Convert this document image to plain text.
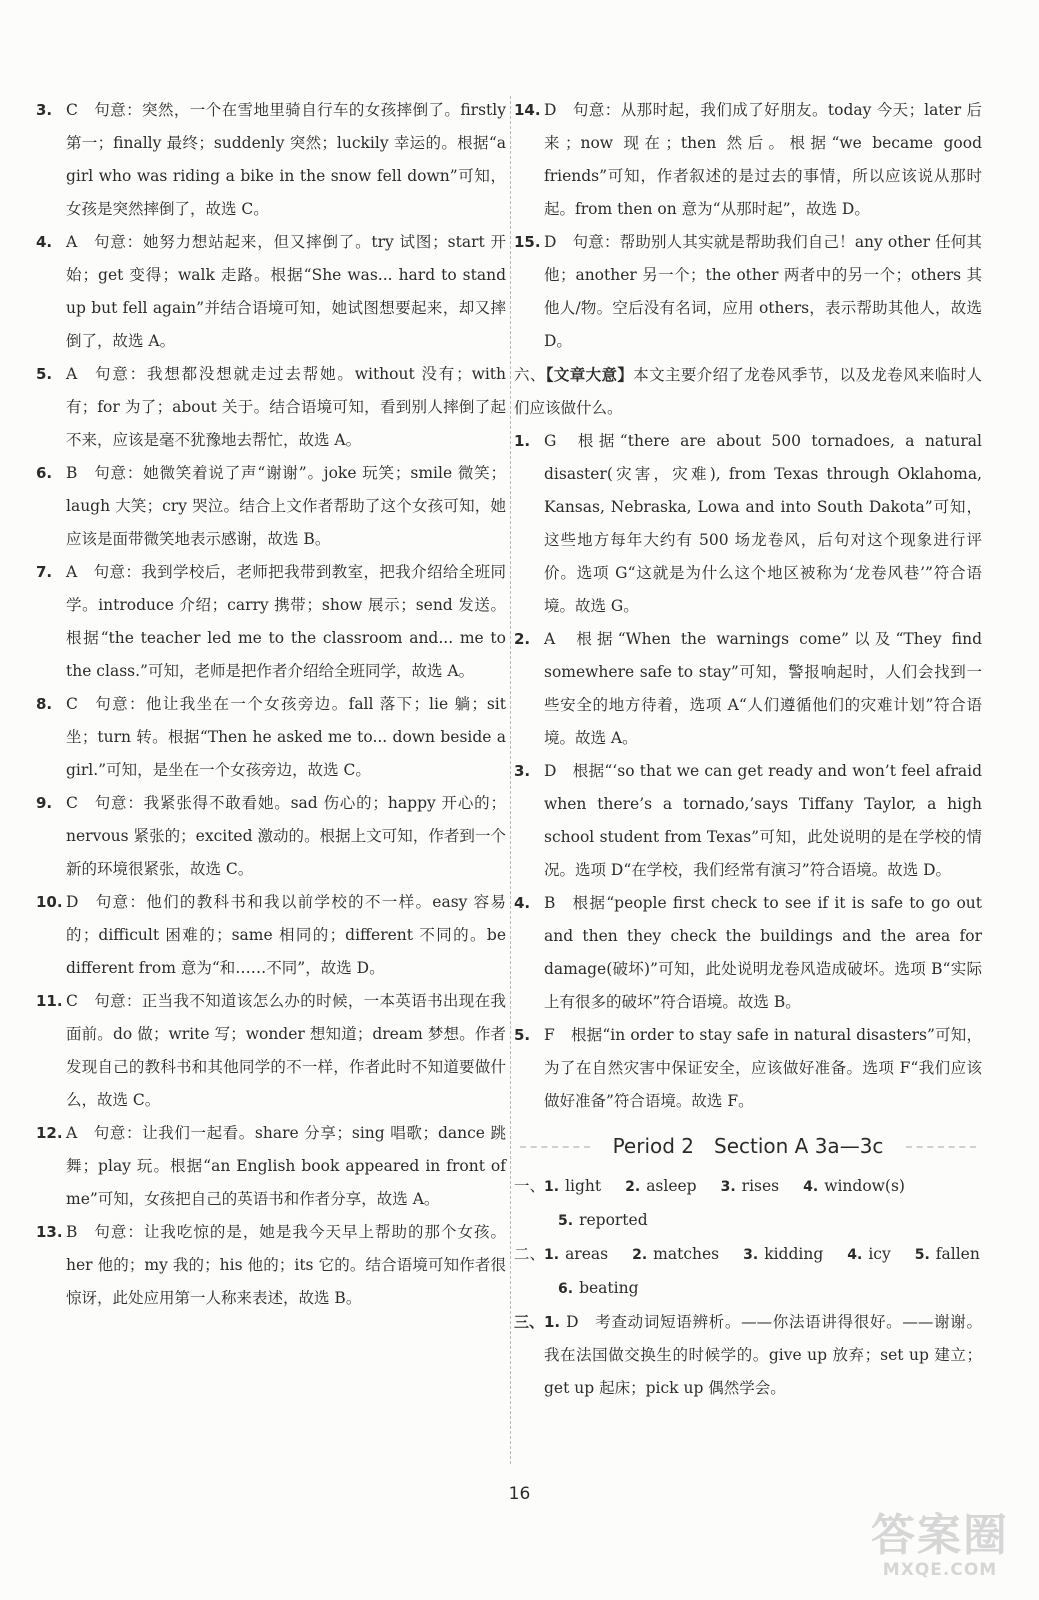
3. C 句意：突然，一个在雪地里骑自行车的女孩摔倒了。firstly 第一；finally 最终；suddenly 突然；luckily 幸运的。根据“a girl who was riding a bike in the snow fell down”可知，女孩是突然摔倒了，故选 C。

4. A 句意：她努力想站起来，但又摔倒了。try 试图；start 开始；get 变得；walk 走路。根据“She was... hard to stand up but fell again”并结合语境可知，她试图想要起来，却又摔倒了，故选 A。

5. A 句意：我想都没想就走过去帮她。without 没有；with 有；for 为了；about 关于。结合语境可知，看到别人摔倒了起不来，应该是毫不犹豫地去帮忙，故选 A。

6. B 句意：她微笑着说了声“谢谢”。joke 玩笑；smile 微笑；laugh 大笑；cry 哭泣。结合上文作者帮助了这个女孩可知，她应该是面带微笑地表示感谢，故选 B。

7. A 句意：我到学校后，老师把我带到教室，把我介绍给全班同学。introduce 介绍；carry 携带；show 展示；send 发送。根据“the teacher led me to the classroom and... me to the class.”可知，老师是把作者介绍给全班同学，故选 A。

8. C 句意：他让我坐在一个女孩旁边。fall 落下；lie 躺；sit 坐；turn 转。根据“Then he asked me to... down beside a girl.”可知，是坐在一个女孩旁边，故选 C。

9. C 句意：我紧张得不敢看她。sad 伤心的；happy 开心的；nervous 紧张的；excited 激动的。根据上文可知，作者到一个新的环境很紧张，故选 C。

10. D 句意：他们的教科书和我以前学校的不一样。easy 容易的；difficult 困难的；same 相同的；different 不同的。be different from 意为“和……不同”，故选 D。

11. C 句意：正当我不知道该怎么办的时候，一本英语书出现在我面前。do 做；write 写；wonder 想知道；dream 梦想。作者发现自己的教科书和其他同学的不一样，作者此时不知道要做什么，故选 C。

12. A 句意：让我们一起看。share 分享；sing 唱歌；dance 跳舞；play 玩。根据“an English book appeared in front of me”可知，女孩把自己的英语书和作者分享，故选 A。

13. B 句意：让我吃惊的是，她是我今天早上帮助的那个女孩。her 他的；my 我的；his 他的；its 它的。结合语境可知作者很惊讶，此处应用第一人称来表述，故选 B。

14. D 句意：从那时起，我们成了好朋友。today 今天；later 后来；now 现在；then 然后。根据“we became good friends”可知，作者叙述的是过去的事情，所以应该说从那时起。from then on 意为“从那时起”，故选 D。

15. D 句意：帮助别人其实就是帮助我们自己！any other 任何其他；another 另一个；the other 两者中的另一个；others 其他人/物。空后没有名词，应用 others，表示帮助其他人，故选 D。

六、【文章大意】本文主要介绍了龙卷风季节，以及龙卷风来临时人们应该做什么。

1. G 根据“there are about 500 tornadoes, a natural disaster(灾害，灾难), from Texas through Oklahoma, Kansas, Nebraska, Lowa and into South Dakota”可知，这些地方每年大约有 500 场龙卷风，后句对这个现象进行评价。选项 G“这就是为什么这个地区被称为‘龙卷风巷’”符合语境。故选 G。

2. A 根据“When the warnings come”以及“They find somewhere safe to stay”可知，警报响起时，人们会找到一些安全的地方待着，选项 A“人们遵循他们的灾难计划”符合语境。故选 A。

3. D 根据“‘so that we can get ready and won’t feel afraid when there’s a tornado,’says Tiffany Taylor, a high school student from Texas”可知，此处说明的是在学校的情况。选项 D“在学校，我们经常有演习”符合语境。故选 D。

4. B 根据“people first check to see if it is safe to go out and then they check the buildings and the area for damage(破坏)”可知，此处说明龙卷风造成破坏。选项 B“实际上有很多的破坏”符合语境。故选 B。

5. F 根据“in order to stay safe in natural disasters”可知，为了在自然灾害中保证安全，应该做好准备。选项 F“我们应该做好准备”符合语境。故选 F。

Period 2　Section A 3a—3c
一、
1. light 2. asleep 3. rises 4. window(s)
5. reported
二、
1. areas 2. matches 3. kidding 4. icy 5. fallen
6. beating

三、 1. D 考查动词短语辨析。——你法语讲得很好。——谢谢。我在法国做交换生的时候学的。give up 放弃；set up 建立；get up 起床；pick up 偶然学会。

16
答案圈
MXQE.COM
